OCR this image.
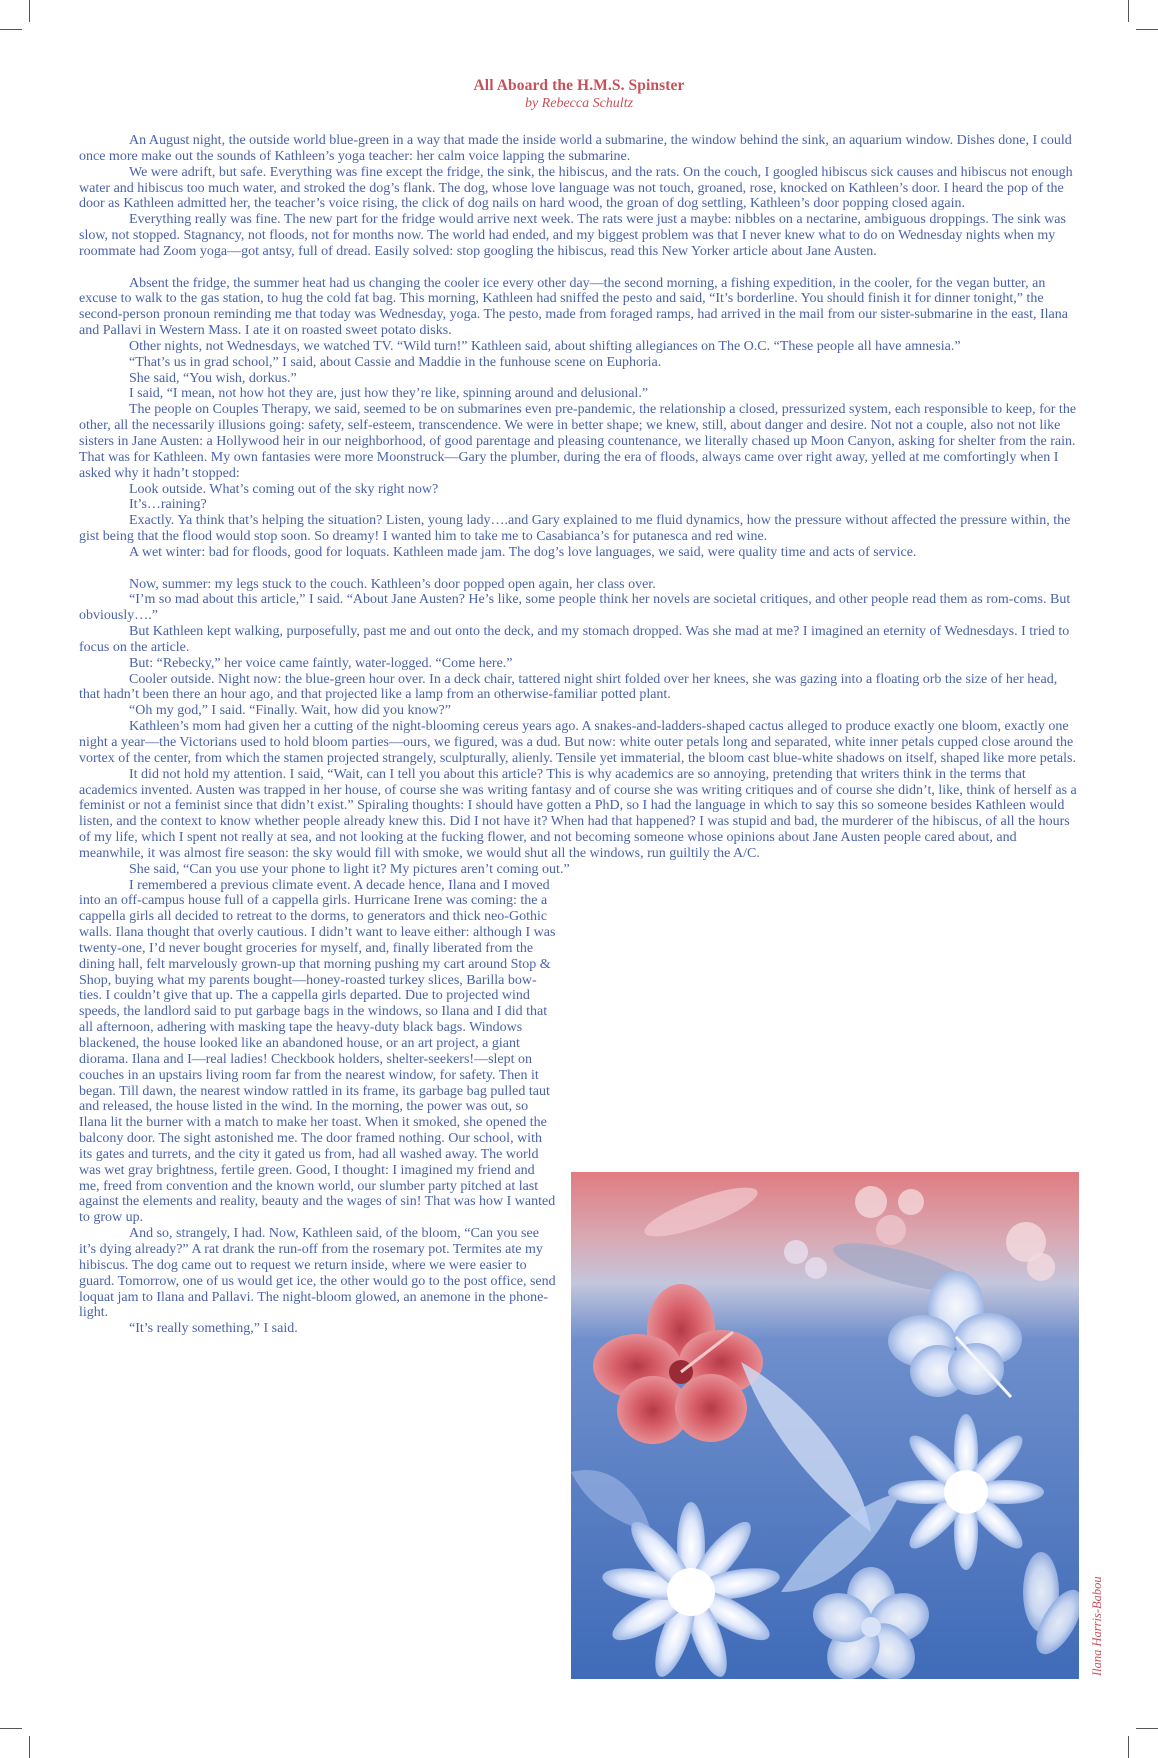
All Aboard the H.M.S. Spinster
by Rebecca Schultz

An August night, the outside world blue-green in a way that made the inside world a submarine, the window behind the sink, an aquarium window. Dishes done, I could once more make out the sounds of Kathleen’s yoga teacher: her calm voice lapping the submarine.

We were adrift, but safe. Everything was fine except the fridge, the sink, the hibiscus, and the rats. On the couch, I googled hibiscus sick causes and hibiscus not enough water and hibiscus too much water, and stroked the dog’s flank. The dog, whose love language was not touch, groaned, rose, knocked on Kathleen’s door. I heard the pop of the door as Kathleen admitted her, the teacher’s voice rising, the click of dog nails on hard wood, the groan of dog settling, Kathleen’s door popping closed again.

Everything really was fine. The new part for the fridge would arrive next week. The rats were just a maybe: nibbles on a nectarine, ambiguous droppings. The sink was slow, not stopped. Stagnancy, not floods, not for months now. The world had ended, and my biggest problem was that I never knew what to do on Wednesday nights when my roommate had Zoom yoga—got antsy, full of dread. Easily solved: stop googling the hibiscus, read this New Yorker article about Jane Austen.

Absent the fridge, the summer heat had us changing the cooler ice every other day—the second morning, a fishing expedition, in the cooler, for the vegan butter, an excuse to walk to the gas station, to hug the cold fat bag. This morning, Kathleen had sniffed the pesto and said, “It’s borderline. You should finish it for dinner tonight,” the second-person pronoun reminding me that today was Wednesday, yoga. The pesto, made from foraged ramps, had arrived in the mail from our sister-submarine in the east, Ilana and Pallavi in Western Mass. I ate it on roasted sweet potato disks.

Other nights, not Wednesdays, we watched TV. “Wild turn!” Kathleen said, about shifting allegiances on The O.C. “These people all have amnesia.”

“That’s us in grad school,” I said, about Cassie and Maddie in the funhouse scene on Euphoria.

She said, “You wish, dorkus.”

I said, “I mean, not how hot they are, just how they’re like, spinning around and delusional.”

The people on Couples Therapy, we said, seemed to be on submarines even pre-pandemic, the relationship a closed, pressurized system, each responsible to keep, for the other, all the necessarily illusions going: safety, self-esteem, transcendence. We were in better shape; we knew, still, about danger and desire. Not not a couple, also not not like sisters in Jane Austen: a Hollywood heir in our neighborhood, of good parentage and pleasing countenance, we literally chased up Moon Canyon, asking for shelter from the rain. That was for Kathleen. My own fantasies were more Moonstruck—Gary the plumber, during the era of floods, always came over right away, yelled at me comfortingly when I asked why it hadn’t stopped:

Look outside. What’s coming out of the sky right now?

It’s…raining?

Exactly. Ya think that’s helping the situation? Listen, young lady….and Gary explained to me fluid dynamics, how the pressure without affected the pressure within, the gist being that the flood would stop soon. So dreamy! I wanted him to take me to Casabianca’s for putanesca and red wine.

A wet winter: bad for floods, good for loquats. Kathleen made jam. The dog’s love languages, we said, were quality time and acts of service.

Now, summer: my legs stuck to the couch. Kathleen’s door popped open again, her class over.

“I’m so mad about this article,” I said. “About Jane Austen? He’s like, some people think her novels are societal critiques, and other people read them as rom-coms. But obviously….”

But Kathleen kept walking, purposefully, past me and out onto the deck, and my stomach dropped. Was she mad at me? I imagined an eternity of Wednesdays. I tried to focus on the article.

But: “Rebecky,” her voice came faintly, water-logged. “Come here.”

Cooler outside. Night now: the blue-green hour over. In a deck chair, tattered night shirt folded over her knees, she was gazing into a floating orb the size of her head, that hadn’t been there an hour ago, and that projected like a lamp from an otherwise-familiar potted plant.

“Oh my god,” I said. “Finally. Wait, how did you know?”

Kathleen’s mom had given her a cutting of the night-blooming cereus years ago. A snakes-and-ladders-shaped cactus alleged to produce exactly one bloom, exactly one night a year—the Victorians used to hold bloom parties—ours, we figured, was a dud. But now: white outer petals long and separated, white inner petals cupped close around the vortex of the center, from which the stamen projected strangely, sculpturally, alienly. Tensile yet immaterial, the bloom cast blue-white shadows on itself, shaped like more petals.

It did not hold my attention. I said, “Wait, can I tell you about this article? This is why academics are so annoying, pretending that writers think in the terms that academics invented. Austen was trapped in her house, of course she was writing fantasy and of course she was writing critiques and of course she didn’t, like, think of herself as a feminist or not a feminist since that didn’t exist.” Spiraling thoughts: I should have gotten a PhD, so I had the language in which to say this so someone besides Kathleen would listen, and the context to know whether people already knew this. Did I not have it? When had that happened? I was stupid and bad, the murderer of the hibiscus, of all the hours of my life, which I spent not really at sea, and not looking at the fucking flower, and not becoming someone whose opinions about Jane Austen people cared about, and meanwhile, it was almost fire season: the sky would fill with smoke, we would shut all the windows, run guiltily the A/C.

She said, “Can you use your phone to light it? My pictures aren’t coming out.”

I remembered a previous climate event. A decade hence, Ilana and I moved into an off-campus house full of a cappella girls. Hurricane Irene was coming: the a cappella girls all decided to retreat to the dorms, to generators and thick neo-Gothic walls. Ilana thought that overly cautious. I didn’t want to leave either: although I was twenty-one, I’d never bought groceries for myself, and, finally liberated from the dining hall, felt marvelously grown-up that morning pushing my cart around Stop & Shop, buying what my parents bought—honey-roasted turkey slices, Barilla bow-ties. I couldn’t give that up. The a cappella girls departed. Due to projected wind speeds, the landlord said to put garbage bags in the windows, so Ilana and I did that all afternoon, adhering with masking tape the heavy-duty black bags. Windows blackened, the house looked like an abandoned house, or an art project, a giant diorama. Ilana and I—real ladies! Checkbook holders, shelter-seekers!—slept on couches in an upstairs living room far from the nearest window, for safety. Then it began. Till dawn, the nearest window rattled in its frame, its garbage bag pulled taut and released, the house listed in the wind. In the morning, the power was out, so Ilana lit the burner with a match to make her toast. When it smoked, she opened the balcony door. The sight astonished me. The door framed nothing. Our school, with its gates and turrets, and the city it gated us from, had all washed away. The world was wet gray brightness, fertile green. Good, I thought: I imagined my friend and me, freed from convention and the known world, our slumber party pitched at last against the elements and reality, beauty and the wages of sin! That was how I wanted to grow up.

And so, strangely, I had. Now, Kathleen said, of the bloom, “Can you see it’s dying already?” A rat drank the run-off from the rosemary pot. Termites ate my hibiscus. The dog came out to request we return inside, where we were easier to guard. Tomorrow, one of us would get ice, the other would go to the post office, send loquat jam to Ilana and Pallavi. The night-bloom glowed, an anemone in the phone-light.

“It’s really something,” I said.

Ilana Harris-Babou
